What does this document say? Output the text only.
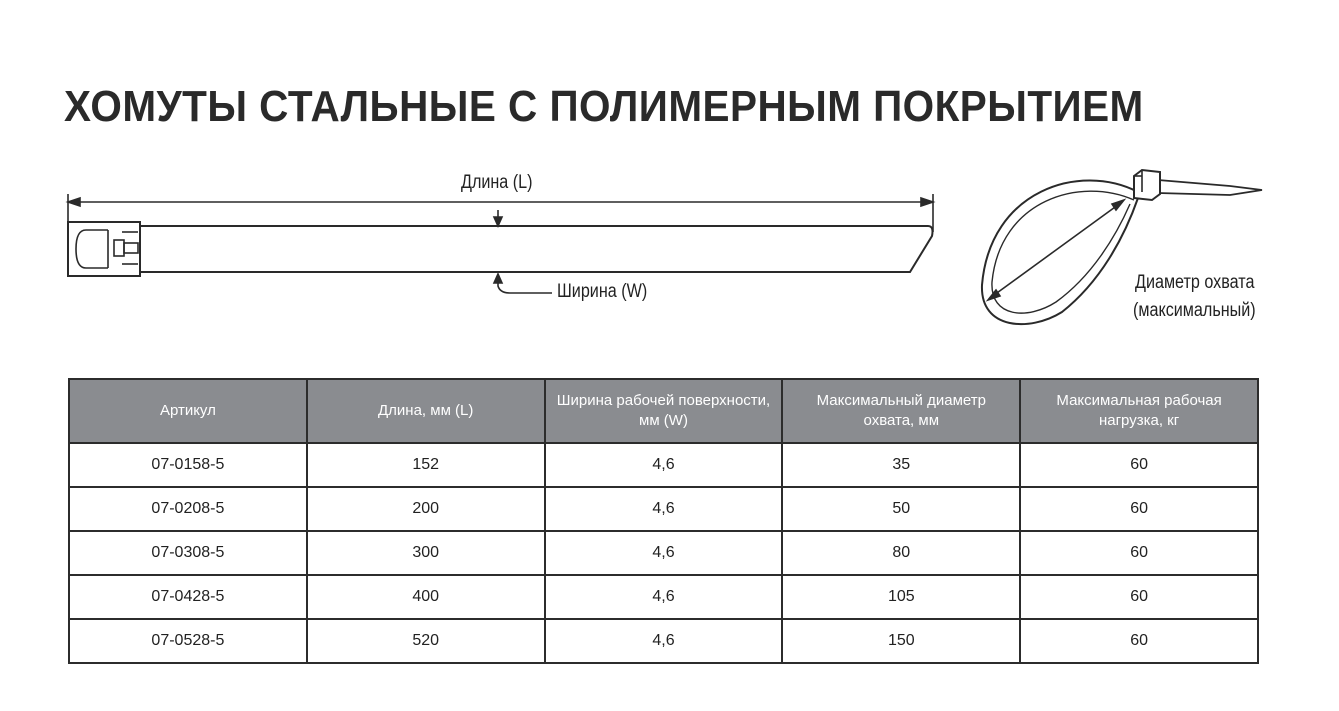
ХОМУТЫ СТАЛЬНЫЕ С ПОЛИМЕРНЫМ ПОКРЫТИЕМ
Длина (L)
Ширина (W)	Диаметр охвата
(максимальный)
Артикул	Длина, мм (L)	Ширина рабочей поверхности, мм (W)	Максимальный диаметр охвата, мм	Максимальная рабочая нагрузка, кг
07-0158-5	152	4,6	35	60
07-0208-5	200	4,6	50	60
07-0308-5	300	4,6	80	60
07-0428-5	400	4,6	105	60
07-0528-5	520	4,6	150	60
